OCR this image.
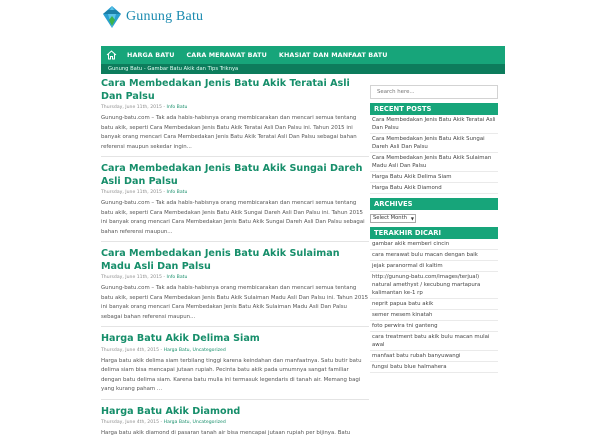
Gunung Batu
HARGA BATU	CARA MERAWAT BATU	KHASIAT DAN MANFAAT BATU
Gunung Batu - Gambar Batu Akik dan Tips Triknya
Cara Membedakan Jenis Batu Akik Teratai Asli Dan Palsu
Thursday, June 11th, 2015 - Info Batu

Gunung-batu.com – Tak ada habis-habisnya orang membicarakan dan mencari semua tentang batu akik, seperti Cara Membedakan Jenis Batu Akik Teratai Asli Dan Palsu ini. Tahun 2015 ini banyak orang mencari Cara Membedakan Jenis Batu Akik Teratai Asli Dan Palsu sebagai bahan referensi maupun sekedar ingin...

Cara Membedakan Jenis Batu Akik Sungai Dareh Asli Dan Palsu
Thursday, June 11th, 2015 - Info Batu

Gunung-batu.com – Tak ada habis-habisnya orang membicarakan dan mencari semua tentang batu akik, seperti Cara Membedakan Jenis Batu Akik Sungai Dareh Asli Dan Palsu ini. Tahun 2015 ini banyak orang mencari Cara Membedakan Jenis Batu Akik Sungai Dareh Asli Dan Palsu sebagai bahan referensi maupun...

Cara Membedakan Jenis Batu Akik Sulaiman Madu Asli Dan Palsu
Thursday, June 11th, 2015 - Info Batu

Gunung-batu.com – Tak ada habis-habisnya orang membicarakan dan mencari semua tentang batu akik, seperti Cara Membedakan Jenis Batu Akik Sulaiman Madu Asli Dan Palsu ini. Tahun 2015 ini banyak orang mencari Cara Membedakan Jenis Batu Akik Sulaiman Madu Asli Dan Palsu sebagai bahan referensi maupun...

Harga Batu Akik Delima Siam
Thursday, June 4th, 2015 - Harga Batu, Uncategorized

Harga batu akik delima siam terbilang tinggi karena keindahan dan manfaatnya. Satu butir batu delima siam bisa mencapai jutaan rupiah. Pecinta batu akik pada umumnya sangat familiar dengan batu delima siam. Karena batu mulia ini termasuk legendaris di tanah air. Memang bagi yang kurang paham ...

Harga Batu Akik Diamond
Thursday, June 4th, 2015 - Harga Batu, Uncategorized

Harga batu akik diamond di pasaran tanah air bisa mencapai jutaan rupiah per bijinya. Batu

Search here...
RECENT POSTS
Cara Membedakan Jenis Batu Akik Teratai Asli Dan Palsu
Cara Membedakan Jenis Batu Akik Sungai Dareh Asli Dan Palsu
Cara Membedakan Jenis Batu Akik Sulaiman Madu Asli Dan Palsu
Harga Batu Akik Delima Siam
Harga Batu Akik Diamond
ARCHIVES
Select Month ▼
TERAKHIR DICARI
gambar akik memberi cincin
cara merawat bulu macan dengan baik
jejak paranormal di kaltim
http://gunung-batu.com/images/terjual) natural amethyst / kecubung martapura kalimantan ke-1 rp
neprit papua batu akik
semer mesem kinatah
foto perwira tni ganteng
cara treatment batu akik bulu macan mulai awal
manfaat batu rubah banyuwangi
fungsi batu blue halmahera
